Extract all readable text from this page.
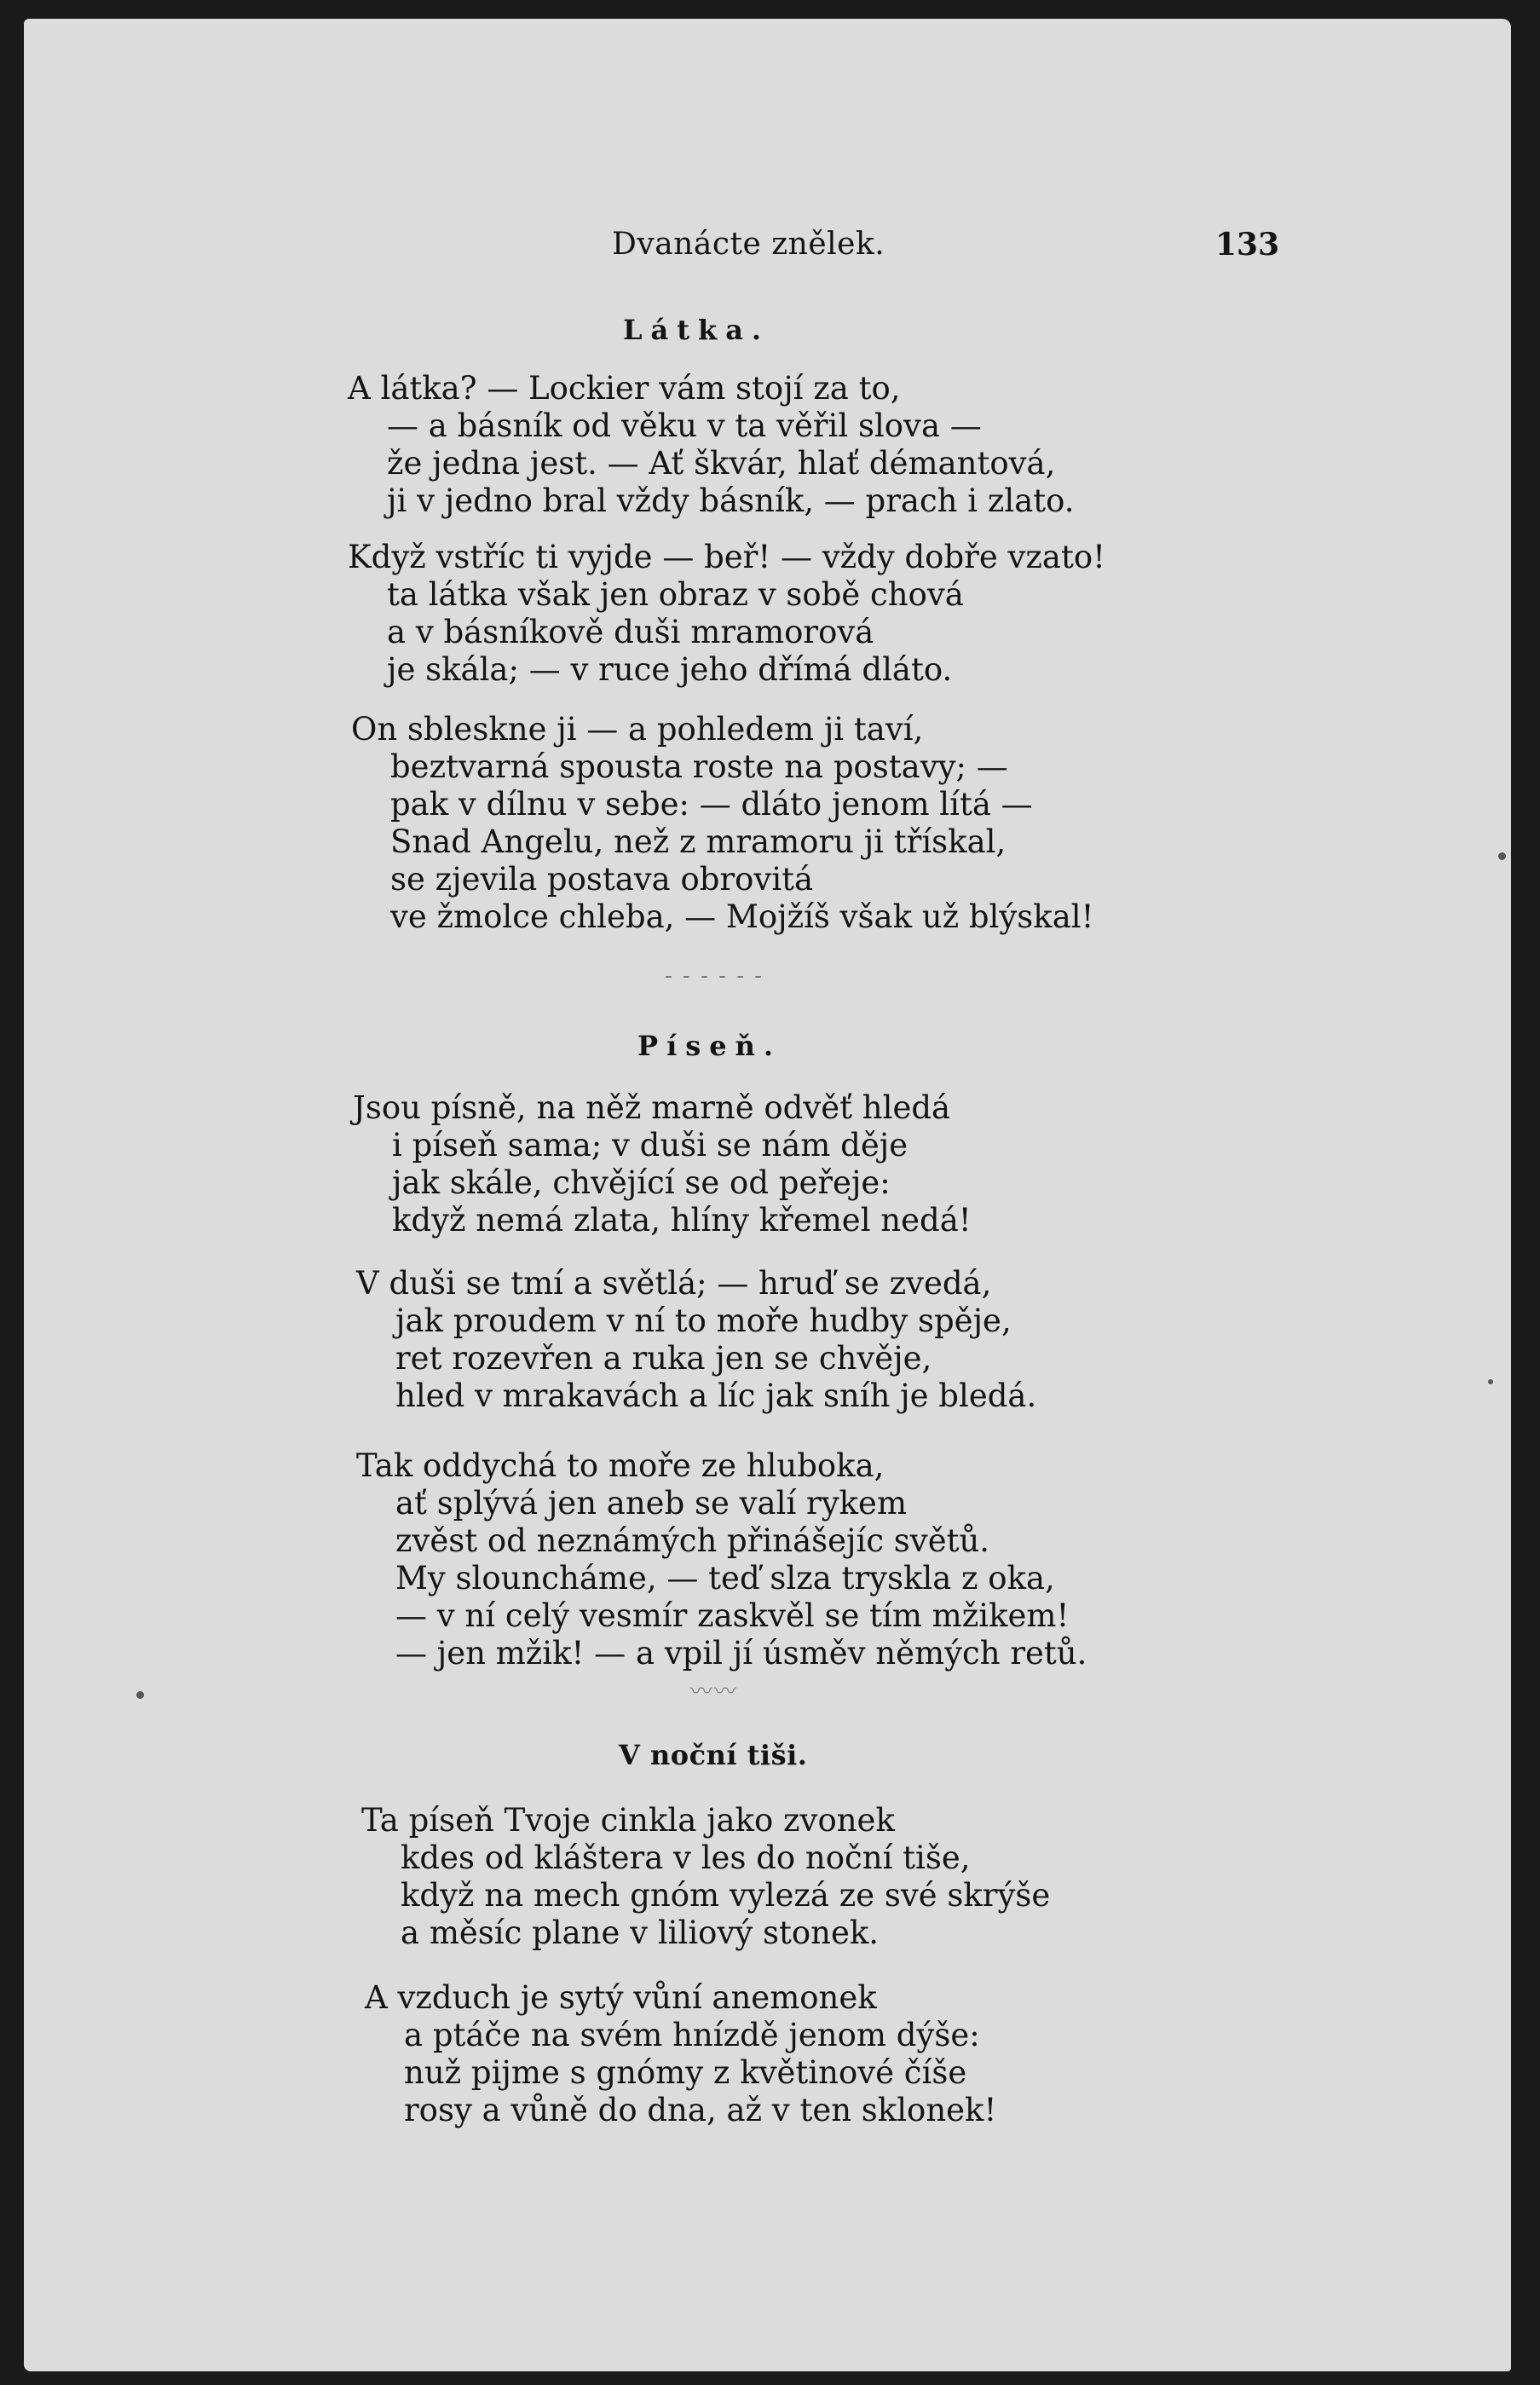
Dvanácte znělek.	133
Látka.
A látka? — Lockier vám stojí za to,
— a básník od věku v ta věřil slova —
že jedna jest. — Ať škvár, hlať démantová,
ji v jedno bral vždy básník, — prach i zlato.
Když vstříc ti vyjde — beř! — vždy dobře vzato!
ta látka však jen obraz v sobě chová
a v básníkově duši mramorová
je skála; — v ruce jeho dřímá dláto.
On sbleskne ji — a pohledem ji taví,
beztvarná spousta roste na postavy; —
pak v dílnu v sebe: — dláto jenom lítá —
Snad Angelu, než z mramoru ji třískal,
se zjevila postava obrovitá
ve žmolce chleba, — Mojžíš však už blýskal!
- - - - - -
Píseň.
Jsou písně, na něž marně odvěť hledá
i píseň sama; v duši se nám děje
jak skále, chvějící se od peřeje:
když nemá zlata, hlíny křemel nedá!
V duši se tmí a světlá; — hruď se zvedá,
jak proudem v ní to moře hudby spěje,
ret rozevřen a ruka jen se chvěje,
hled v mrakavách a líc jak sníh je bledá.
Tak oddychá to moře ze hluboka,
ať splývá jen aneb se valí rykem
zvěst od neznámých přinášejíc světů.
My slouncháme, — teď slza tryskla z oka,
— v ní celý vesmír zaskvěl se tím mžikem!
— jen mžik! — a vpil jí úsměv němých retů.
〰〰
V noční tiši.
Ta píseň Tvoje cinkla jako zvonek
kdes od kláštera v les do noční tiše,
když na mech gnóm vylezá ze své skrýše
a měsíc plane v liliový stonek.
A vzduch je sytý vůní anemonek
a ptáče na svém hnízdě jenom dýše:
nuž pijme s gnómy z květinové číše
rosy a vůně do dna, až v ten sklonek!
